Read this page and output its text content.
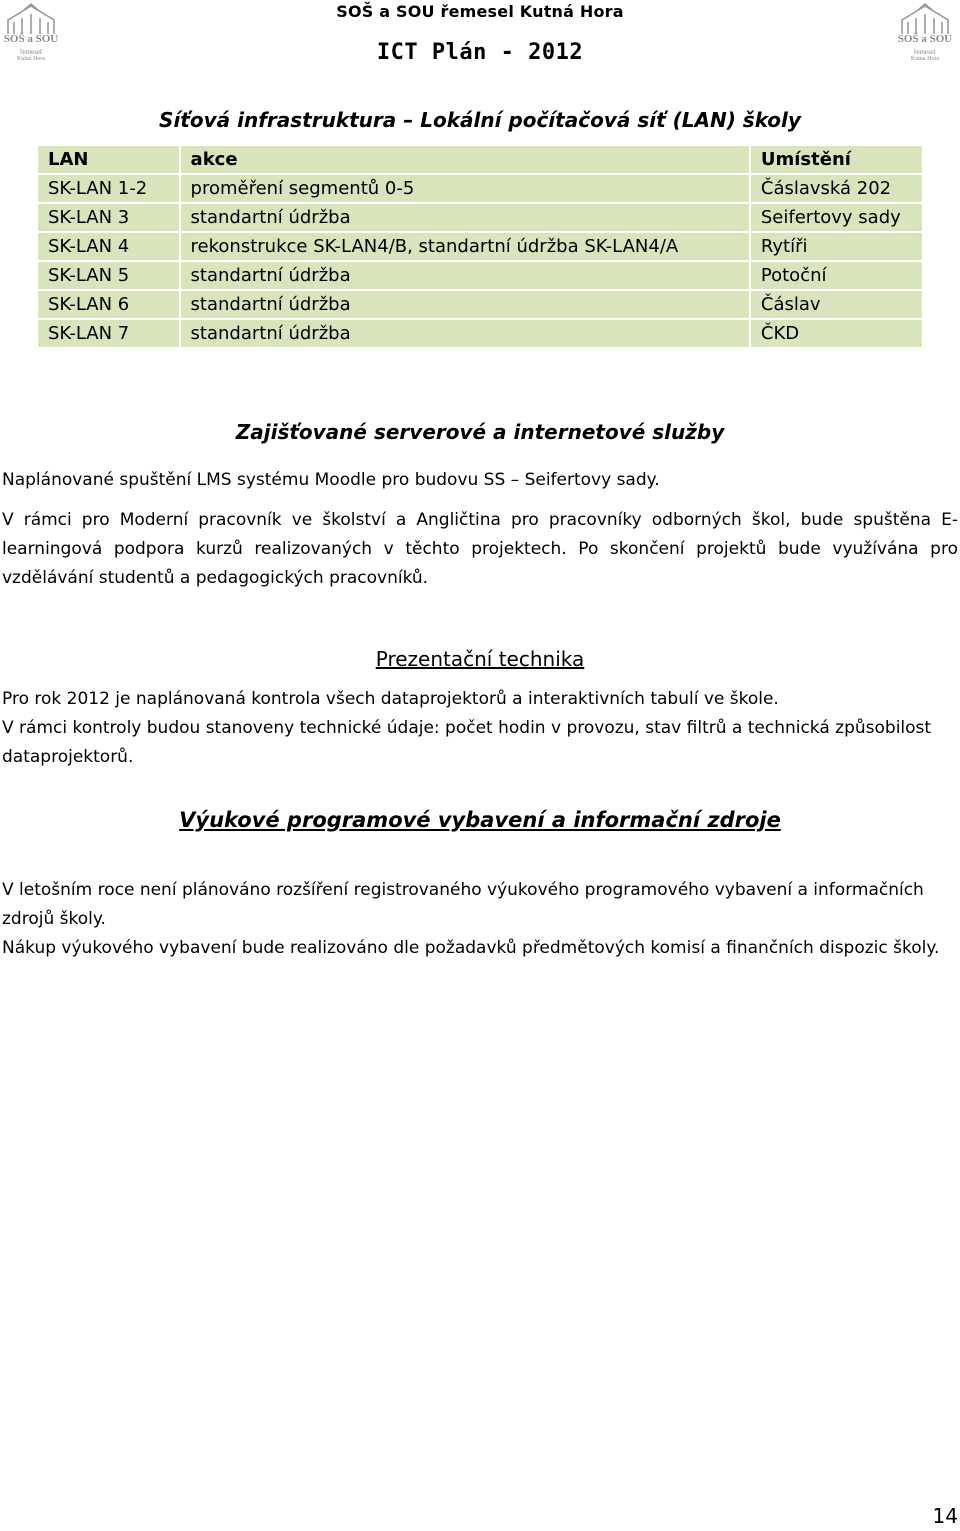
SOŠ a SOU
řemesel
Kutná Hora
SOŠ a SOU
řemesel
Kutná Hora
SOŠ a SOU řemesel Kutná Hora
ICT Plán - 2012
Síťová infrastruktura – Lokální počítačová síť (LAN) školy
LAN	akce	Umístění
SK-LAN 1-2	proměření segmentů 0-5	Čáslavská 202
SK-LAN 3	standartní údržba	Seifertovy sady
SK-LAN 4	rekonstrukce SK-LAN4/B, standartní údržba SK-LAN4/A	Rytíři
SK-LAN 5	standartní údržba	Potoční
SK-LAN 6	standartní údržba	Čáslav
SK-LAN 7	standartní údržba	ČKD
Zajišťované serverové a internetové služby

Naplánované spuštění LMS systému Moodle pro budovu SS – Seifertovy sady.

V rámci pro Moderní pracovník ve školství a Angličtina pro pracovníky odborných škol, bude spuštěna E-learningová podpora kurzů realizovaných v těchto projektech. Po skončení projektů bude využívána pro vzdělávání studentů a pedagogických pracovníků.

Prezentační technika

Pro rok 2012 je naplánovaná kontrola všech dataprojektorů a interaktivních tabulí ve škole.

V rámci kontroly budou stanoveny technické údaje: počet hodin v provozu, stav filtrů a technická způsobilost dataprojektorů.

Výukové programové vybavení a informační zdroje

V letošním roce není plánováno rozšíření registrovaného výukového programového vybavení a informačních zdrojů školy.

Nákup výukového vybavení bude realizováno dle požadavků předmětových komisí a finančních dispozic školy.

14
